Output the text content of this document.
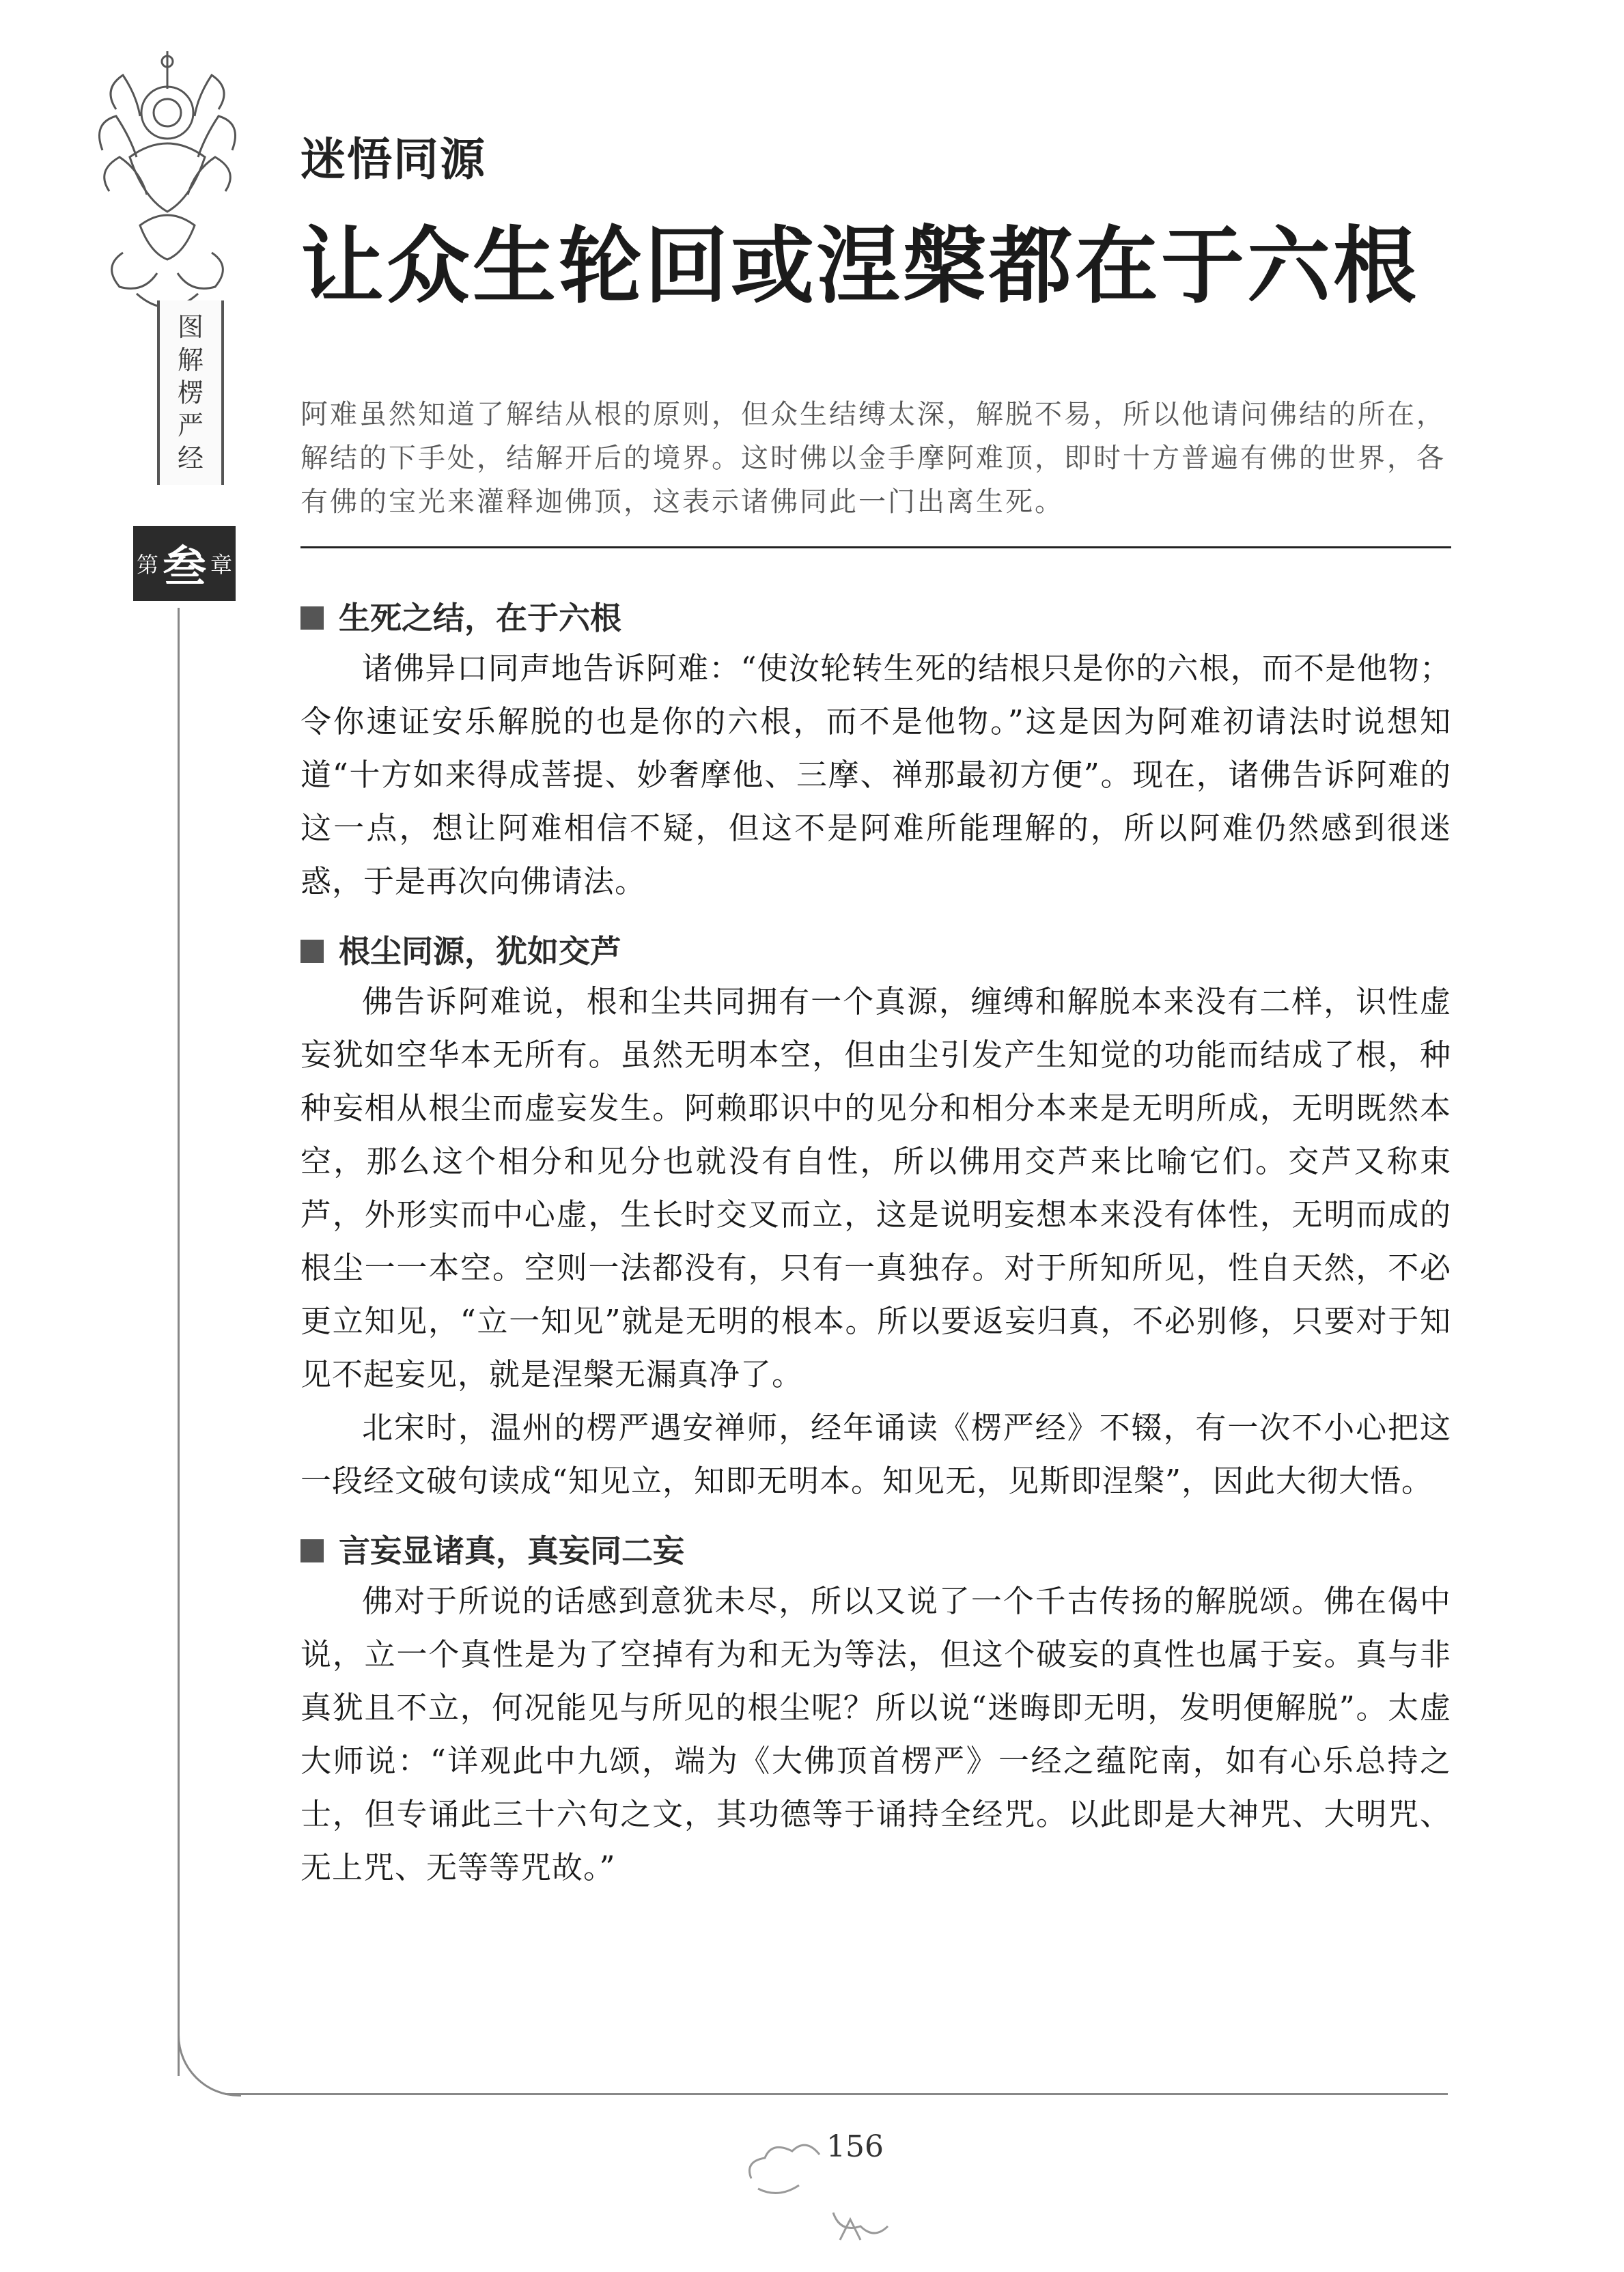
图
解
楞
严
经
第 叁 章
迷悟同源
让众生轮回或涅槃都在于六根

阿难虽然知道了解结从根的原则，但众生结缚太深，解脱不易，所以他请问佛结的所在，解结的下手处，结解开后的境界。这时佛以金手摩阿难顶，即时十方普遍有佛的世界，各有佛的宝光来灌释迦佛顶，这表示诸佛同此一门出离生死。

生死之结，在于六根

诸佛异口同声地告诉阿难：“使汝轮转生死的结根只是你的六根，而不是他物；令你速证安乐解脱的也是你的六根，而不是他物。”这是因为阿难初请法时说想知道“十方如来得成菩提、妙奢摩他、三摩、禅那最初方便”。现在，诸佛告诉阿难的这一点，想让阿难相信不疑，但这不是阿难所能理解的，所以阿难仍然感到很迷惑，于是再次向佛请法。

根尘同源，犹如交芦

佛告诉阿难说，根和尘共同拥有一个真源，缠缚和解脱本来没有二样，识性虚妄犹如空华本无所有。虽然无明本空，但由尘引发产生知觉的功能而结成了根，种种妄相从根尘而虚妄发生。阿赖耶识中的见分和相分本来是无明所成，无明既然本空，那么这个相分和见分也就没有自性，所以佛用交芦来比喻它们。交芦又称束芦，外形实而中心虚，生长时交叉而立，这是说明妄想本来没有体性，无明而成的根尘一一本空。空则一法都没有，只有一真独存。对于所知所见，性自天然，不必更立知见，“立一知见”就是无明的根本。所以要返妄归真，不必别修，只要对于知见不起妄见，就是涅槃无漏真净了。

北宋时，温州的楞严遇安禅师，经年诵读《楞严经》不辍，有一次不小心把这一段经文破句读成“知见立，知即无明本。知见无，见斯即涅槃”，因此大彻大悟。

言妄显诸真，真妄同二妄

佛对于所说的话感到意犹未尽，所以又说了一个千古传扬的解脱颂。佛在偈中说，立一个真性是为了空掉有为和无为等法，但这个破妄的真性也属于妄。真与非真犹且不立，何况能见与所见的根尘呢？所以说“迷晦即无明，发明便解脱”。太虚大师说：“详观此中九颂，端为《大佛顶首楞严》一经之蕴陀南，如有心乐总持之士，但专诵此三十六句之文，其功德等于诵持全经咒。以此即是大神咒、大明咒、无上咒、无等等咒故。”

156
